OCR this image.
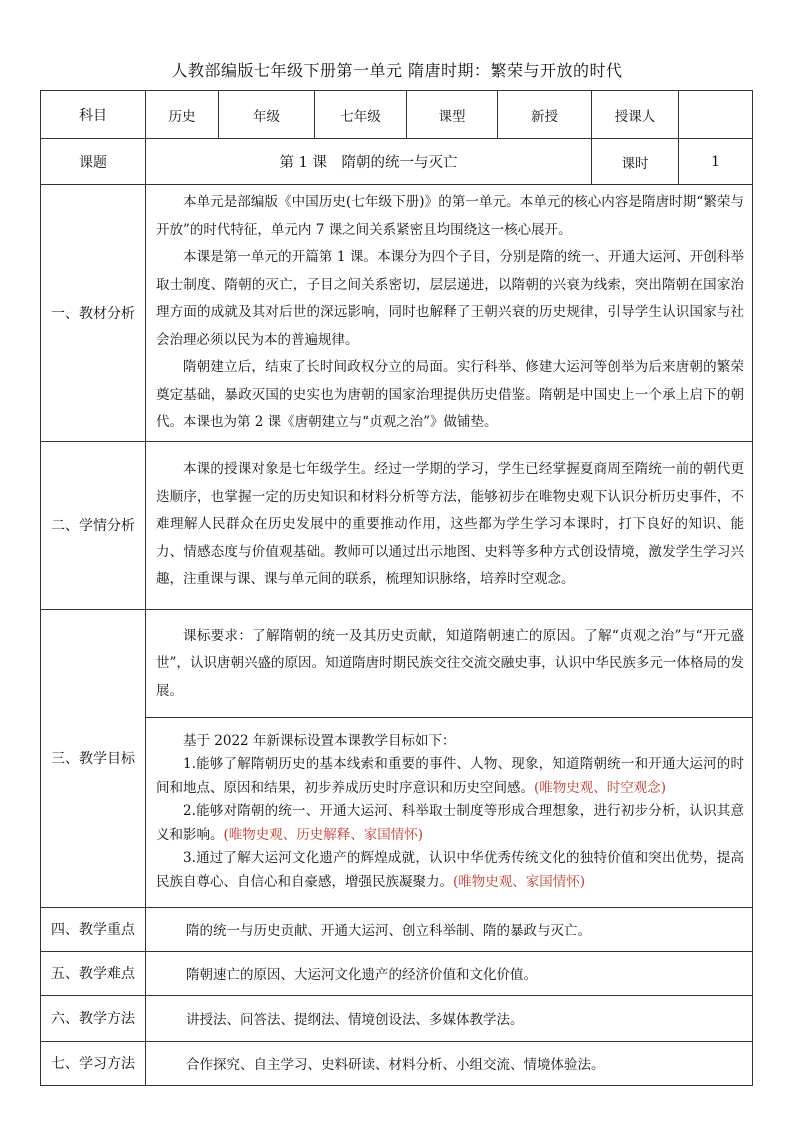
人教部编版七年级下册第一单元 隋唐时期：繁荣与开放的时代
科目	历史	年级	七年级	课型	新授	授课人	
课题	第 1 课　隋朝的统一与灭亡					课时	1
一、教材分析	本单元是部编版《中国历史(七年级下册)》的第一单元。本单元的核心内容是隋唐时期“繁荣与开放”的时代特征，单元内 7 课之间关系紧密且均围绕这一核心展开。

本课是第一单元的开篇第 1 课。本课分为四个子目，分别是隋的统一、开通大运河、开创科举取士制度、隋朝的灭亡，子目之间关系密切，层层递进，以隋朝的兴衰为线索，突出隋朝在国家治理方面的成就及其对后世的深远影响，同时也解释了王朝兴衰的历史规律，引导学生认识国家与社会治理必须以民为本的普遍规律。

隋朝建立后，结束了长时间政权分立的局面。实行科举、修建大运河等创举为后来唐朝的繁荣奠定基础，暴政灭国的史实也为唐朝的国家治理提供历史借鉴。隋朝是中国史上一个承上启下的朝代。本课也为第 2 课《唐朝建立与“贞观之治”》做铺垫。						

二、学情分析	本课的授课对象是七年级学生。经过一学期的学习，学生已经掌握夏商周至隋统一前的朝代更迭顺序，也掌握一定的历史知识和材料分析等方法，能够初步在唯物史观下认识分析历史事件，不难理解人民群众在历史发展中的重要推动作用，这些都为学生学习本课时，打下良好的知识、能力、情感态度与价值观基础。教师可以通过出示地图、史料等多种方式创设情境，激发学生学习兴趣，注重课与课、课与单元间的联系，梳理知识脉络，培养时空观念。						

三、教学目标	课标要求：了解隋朝的统一及其历史贡献，知道隋朝速亡的原因。了解“贞观之治”与“开元盛世”，认识唐朝兴盛的原因。知道隋唐时期民族交往交流交融史事，认识中华民族多元一体格局的发展。						

	基于 2022 年新课标设置本课教学目标如下：

1.能够了解隋朝历史的基本线索和重要的事件、人物、现象，知道隋朝统一和开通大运河的时间和地点、原因和结果，初步养成历史时序意识和历史空间感。(唯物史观、时空观念)

2.能够对隋朝的统一、开通大运河、科举取士制度等形成合理想象，进行初步分析，认识其意义和影响。(唯物史观、历史解释、家国情怀)

3.通过了解大运河文化遗产的辉煌成就，认识中华优秀传统文化的独特价值和突出优势，提高民族自尊心、自信心和自豪感，增强民族凝聚力。(唯物史观、家国情怀)						

四、教学重点	隋的统一与历史贡献、开通大运河、创立科举制、隋的暴政与灭亡。						
五、教学难点	隋朝速亡的原因、大运河文化遗产的经济价值和文化价值。						
六、教学方法	讲授法、问答法、提纲法、情境创设法、多媒体教学法。						
七、学习方法	合作探究、自主学习、史料研读、材料分析、小组交流、情境体验法。						
